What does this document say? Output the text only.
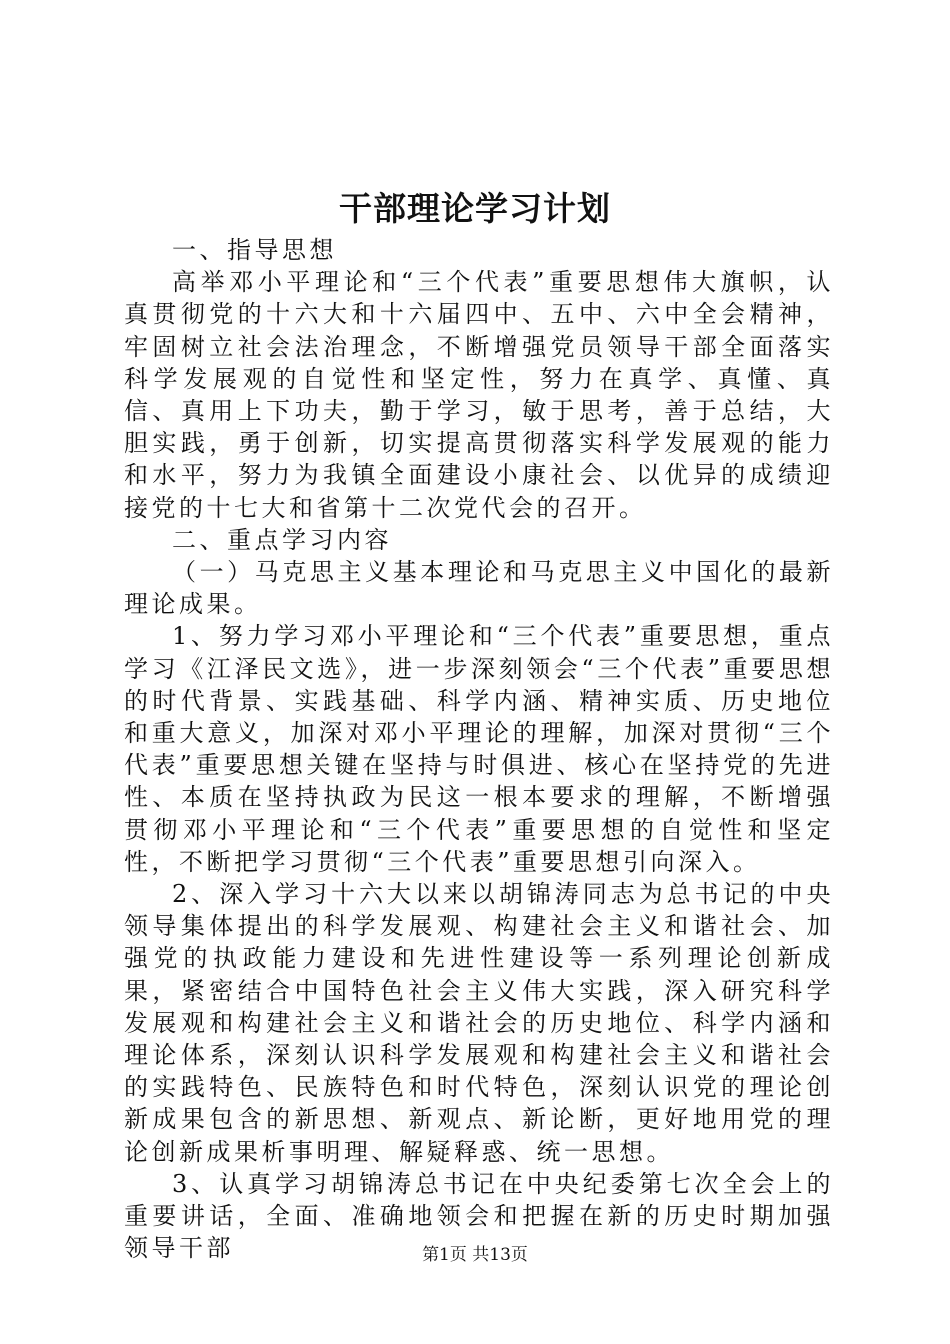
干部理论学习计划

一、指导思想

高举邓小平理论和“三个代表”重要思想伟大旗帜，认真贯彻党的十六大和十六届四中、五中、六中全会精神，牢固树立社会法治理念，不断增强党员领导干部全面落实科学发展观的自觉性和坚定性，努力在真学、真懂、真信、真用上下功夫，勤于学习，敏于思考，善于总结，大胆实践，勇于创新，切实提高贯彻落实科学发展观的能力和水平，努力为我镇全面建设小康社会、以优异的成绩迎接党的十七大和省第十二次党代会的召开。

二、重点学习内容

（一）马克思主义基本理论和马克思主义中国化的最新理论成果。

1、努力学习邓小平理论和“三个代表”重要思想，重点学习《江泽民文选》，进一步深刻领会“三个代表”重要思想的时代背景、实践基础、科学内涵、精神实质、历史地位和重大意义，加深对邓小平理论的理解，加深对贯彻“三个代表”重要思想关键在坚持与时俱进、核心在坚持党的先进性、本质在坚持执政为民这一根本要求的理解，不断增强贯彻邓小平理论和“三个代表”重要思想的自觉性和坚定性，不断把学习贯彻“三个代表”重要思想引向深入。

2、深入学习十六大以来以胡锦涛同志为总书记的中央领导集体提出的科学发展观、构建社会主义和谐社会、加强党的执政能力建设和先进性建设等一系列理论创新成果，紧密结合中国特色社会主义伟大实践，深入研究科学发展观和构建社会主义和谐社会的历史地位、科学内涵和理论体系，深刻认识科学发展观和构建社会主义和谐社会的实践特色、民族特色和时代特色，深刻认识党的理论创新成果包含的新思想、新观点、新论断，更好地用党的理论创新成果析事明理、解疑释惑、统一思想。

3、认真学习胡锦涛总书记在中央纪委第七次全会上的重要讲话，全面、准确地领会和把握在新的历史时期加强领导干部	第1页 共13页
